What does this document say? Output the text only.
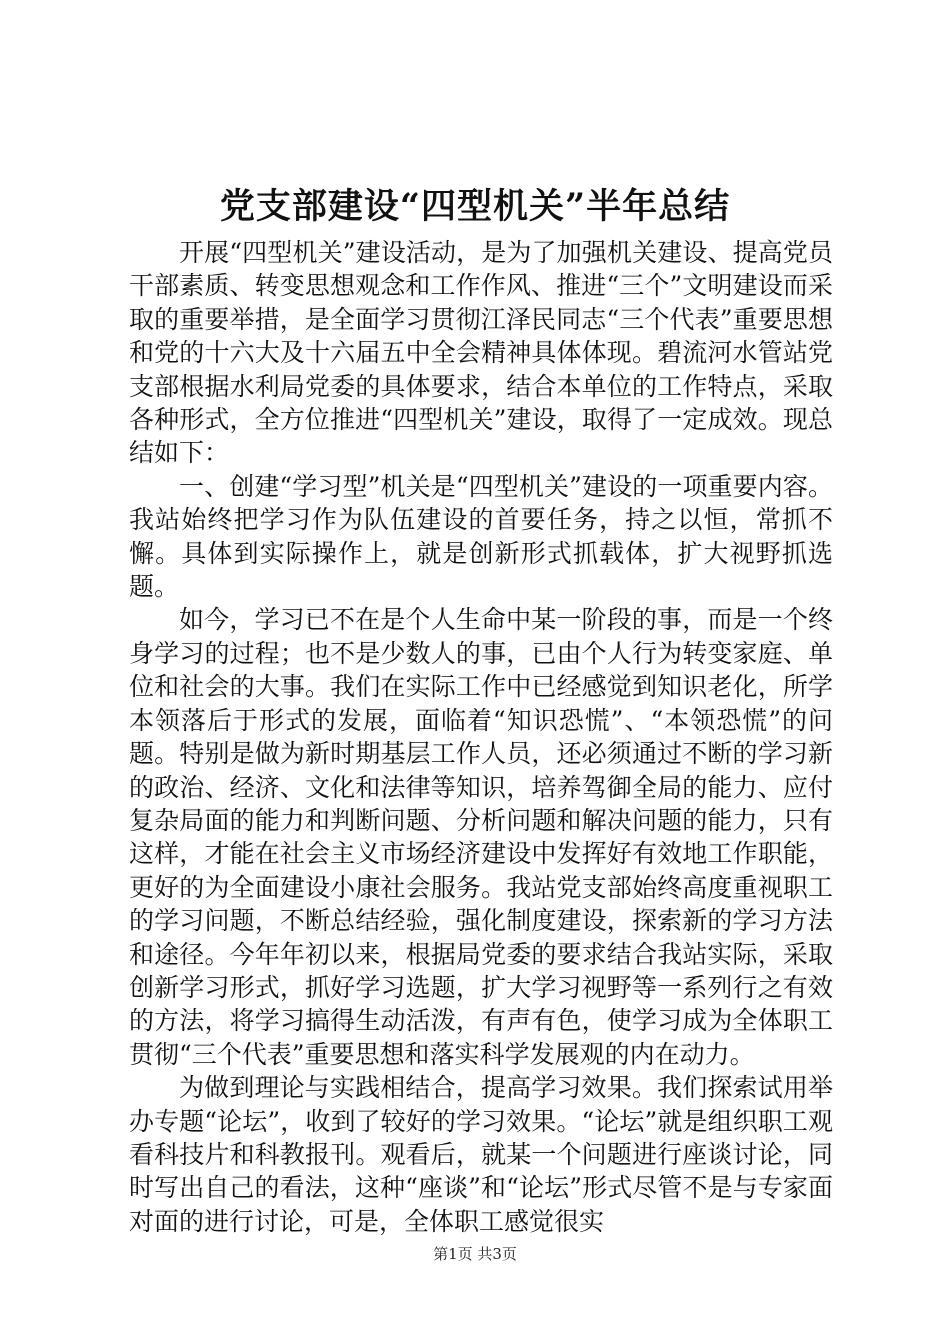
党支部建设“四型机关”半年总结

开展“四型机关”建设活动，是为了加强机关建设、提高党员干部素质、转变思想观念和工作作风、推进“三个”文明建设而采取的重要举措，是全面学习贯彻江泽民同志“三个代表”重要思想和党的十六大及十六届五中全会精神具体体现。碧流河水管站党支部根据水利局党委的具体要求，结合本单位的工作特点，采取各种形式，全方位推进“四型机关”建设，取得了一定成效。现总结如下：

一、创建“学习型”机关是“四型机关”建设的一项重要内容。我站始终把学习作为队伍建设的首要任务，持之以恒，常抓不懈。具体到实际操作上，就是创新形式抓载体，扩大视野抓选题。

如今，学习已不在是个人生命中某一阶段的事，而是一个终身学习的过程；也不是少数人的事，已由个人行为转变家庭、单位和社会的大事。我们在实际工作中已经感觉到知识老化，所学本领落后于形式的发展，面临着“知识恐慌”、“本领恐慌”的问题。特别是做为新时期基层工作人员，还必须通过不断的学习新的政治、经济、文化和法律等知识，培养驾御全局的能力、应付复杂局面的能力和判断问题、分析问题和解决问题的能力，只有这样，才能在社会主义市场经济建设中发挥好有效地工作职能，更好的为全面建设小康社会服务。我站党支部始终高度重视职工的学习问题，不断总结经验，强化制度建设，探索新的学习方法和途径。今年年初以来，根据局党委的要求结合我站实际，采取创新学习形式，抓好学习选题，扩大学习视野等一系列行之有效的方法，将学习搞得生动活泼，有声有色，使学习成为全体职工贯彻“三个代表”重要思想和落实科学发展观的内在动力。

为做到理论与实践相结合，提高学习效果。我们探索试用举办专题“论坛”，收到了较好的学习效果。“论坛”就是组织职工观看科技片和科教报刊。观看后，就某一个问题进行座谈讨论，同时写出自己的看法，这种“座谈”和“论坛”形式尽管不是与专家面对面的进行讨论，可是，全体职工感觉很实

第1页 共3页
